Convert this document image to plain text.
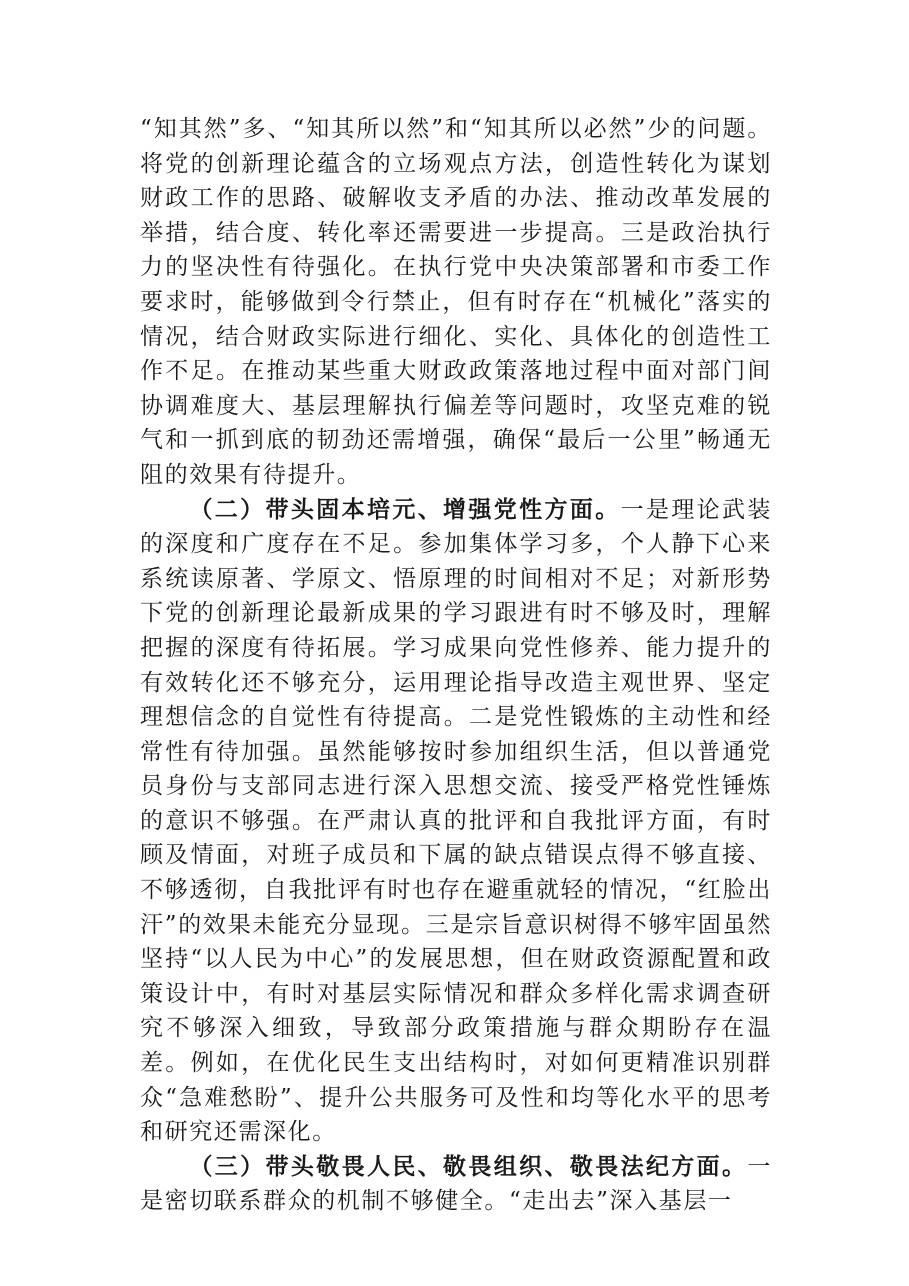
“知其然”多、“知其所以然”和“知其所以必然”少的问题。将党的创新理论蕴含的立场观点方法，创造性转化为谋划财政工作的思路、破解收支矛盾的办法、推动改革发展的举措，结合度、转化率还需要进一步提高。三是政治执行力的坚决性有待强化。在执行党中央决策部署和市委工作要求时，能够做到令行禁止，但有时存在“机械化”落实的情况，结合财政实际进行细化、实化、具体化的创造性工作不足。在推动某些重大财政政策落地过程中面对部门间协调难度大、基层理解执行偏差等问题时，攻坚克难的锐气和一抓到底的韧劲还需增强，确保“最后一公里”畅通无阻的效果有待提升。

（二）带头固本培元、增强党性方面。一是理论武装的深度和广度存在不足。参加集体学习多，个人静下心来系统读原著、学原文、悟原理的时间相对不足；对新形势下党的创新理论最新成果的学习跟进有时不够及时，理解把握的深度有待拓展。学习成果向党性修养、能力提升的有效转化还不够充分，运用理论指导改造主观世界、坚定理想信念的自觉性有待提高。二是党性锻炼的主动性和经常性有待加强。虽然能够按时参加组织生活，但以普通党员身份与支部同志进行深入思想交流、接受严格党性锤炼的意识不够强。在严肃认真的批评和自我批评方面，有时顾及情面，对班子成员和下属的缺点错误点得不够直接、不够透彻，自我批评有时也存在避重就轻的情况，“红脸出汗”的效果未能充分显现。三是宗旨意识树得不够牢固虽然坚持“以人民为中心”的发展思想，但在财政资源配置和政策设计中，有时对基层实际情况和群众多样化需求调查研究不够深入细致，导致部分政策措施与群众期盼存在温差。例如，在优化民生支出结构时，对如何更精准识别群众“急难愁盼”、提升公共服务可及性和均等化水平的思考和研究还需深化。

（三）带头敬畏人民、敬畏组织、敬畏法纪方面。一是密切联系群众的机制不够健全。“走出去”深入基层一
